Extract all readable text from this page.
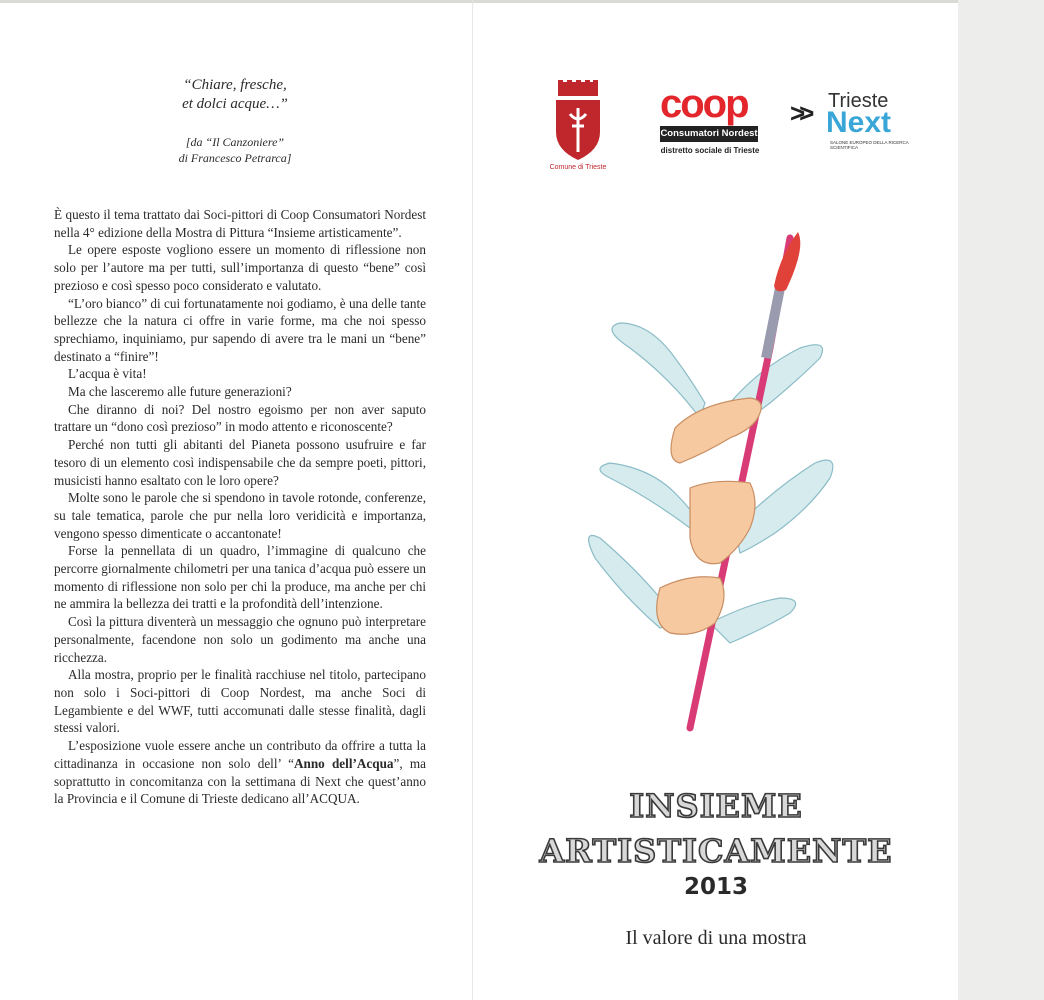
“Chiare, fresche,
et dolci acque…”
[da “Il Canzoniere”
di Francesco Petrarca]

È questo il tema trattato dai Soci-pittori di Coop Consumatori Nordest nella 4° edizione della Mostra di Pittura “Insieme artisticamente”.

Le opere esposte vogliono essere un momento di riflessione non solo per l’autore ma per tutti, sull’importanza di questo “bene” così prezioso e così spesso poco considerato e valutato.

“L’oro bianco” di cui fortunatamente noi godiamo, è una delle tante bellezze che la natura ci offre in varie forme, ma che noi spesso sprechiamo, inquiniamo, pur sapendo di avere tra le mani un “bene” destinato a “finire”!

L’acqua è vita!

Ma che lasceremo alle future generazioni?

Che diranno di noi? Del nostro egoismo per non aver saputo trattare un “dono così prezioso” in modo attento e riconoscente?

Perché non tutti gli abitanti del Pianeta possono usufruire e far tesoro di un elemento così indispensabile che da sempre poeti, pittori, musicisti hanno esaltato con le loro opere?

Molte sono le parole che si spendono in tavole rotonde, conferenze, su tale tematica, parole che pur nella loro veridicità e importanza, vengono spesso dimenticate o accantonate!

Forse la pennellata di un quadro, l’immagine di qualcuno che percorre giornalmente chilometri per una tanica d’acqua può essere un momento di riflessione non solo per chi la produce, ma anche per chi ne ammira la bellezza dei tratti e la profondità dell’intenzione.

Così la pittura diventerà un messaggio che ognuno può interpretare personalmente, facendone non solo un godimento ma anche una ricchezza.

Alla mostra, proprio per le finalità racchiuse nel titolo, partecipano non solo i Soci-pittori di Coop Nordest, ma anche Soci di Legambiente e del WWF, tutti accomunati dalle stesse finalità, dagli stessi valori.

L’esposizione vuole essere anche un contributo da offrire a tutta la cittadinanza in occasione non solo dell’ “Anno dell’Acqua”, ma soprattutto in concomitanza con la settimana di Next che quest’anno la Provincia e il Comune di Trieste dedicano all’ACQUA.

Comune di Trieste
coop
Consumatori Nordest
distretto sociale di Trieste
>> Trieste
Next
SALONE EUROPEO DELLA RICERCA SCIENTIFICA
INSIEME
ARTISTICAMENTE
2013
Il valore di una mostra
